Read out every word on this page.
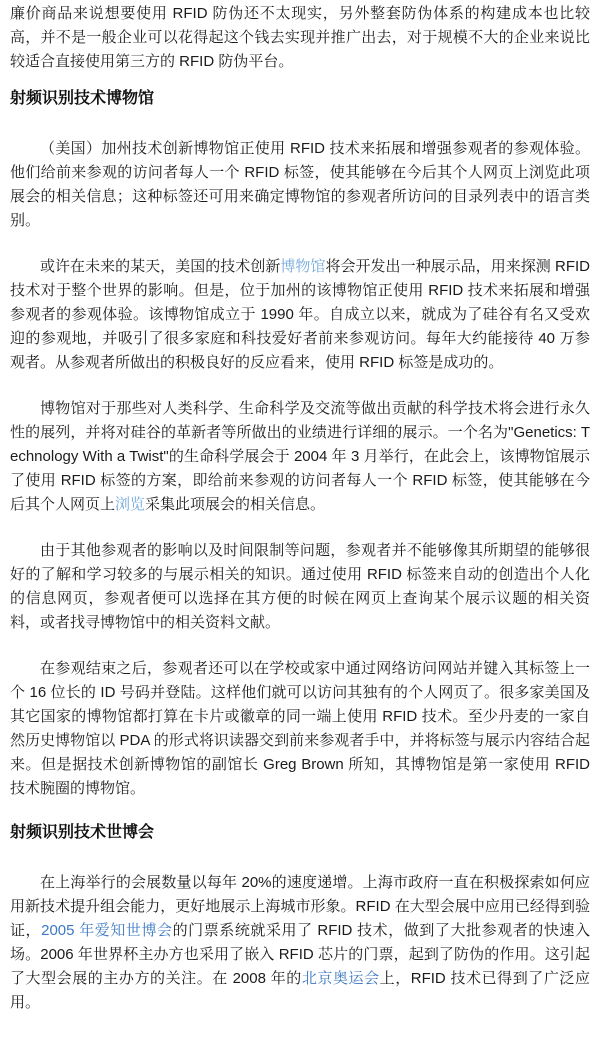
廉价商品来说想要使用 RFID 防伪还不太现实，另外整套防伪体系的构建成本也比较高，并不是一般企业可以花得起这个钱去实现并推广出去，对于规模不大的企业来说比较适合直接使用第三方的 RFID 防伪平台。

射频识别技术博物馆

（美国）加州技术创新博物馆正使用 RFID 技术来拓展和增强参观者的参观体验。他们给前来参观的访问者每人一个 RFID 标签，使其能够在今后其个人网页上浏览此项展会的相关信息；这种标签还可用来确定博物馆的参观者所访问的目录列表中的语言类别。

或许在未来的某天，美国的技术创新博物馆将会开发出一种展示品，用来探测 RFID 技术对于整个世界的影响。但是，位于加州的该博物馆正使用 RFID 技术来拓展和增强参观者的参观体验。该博物馆成立于 1990 年。自成立以来，就成为了硅谷有名又受欢迎的参观地，并吸引了很多家庭和科技爱好者前来参观访问。每年大约能接待 40 万参观者。从参观者所做出的积极良好的反应看来，使用 RFID 标签是成功的。

博物馆对于那些对人类科学、生命科学及交流等做出贡献的科学技术将会进行永久性的展列，并将对硅谷的革新者等所做出的业绩进行详细的展示。一个名为"Genetics: Technology With a Twist"的生命科学展会于 2004 年 3 月举行，在此会上，该博物馆展示了使用 RFID 标签的方案，即给前来参观的访问者每人一个 RFID 标签，使其能够在今后其个人网页上浏览采集此项展会的相关信息。

由于其他参观者的影响以及时间限制等问题，参观者并不能够像其所期望的能够很好的了解和学习较多的与展示相关的知识。通过使用 RFID 标签来自动的创造出个人化的信息网页，参观者便可以选择在其方便的时候在网页上查询某个展示议题的相关资料，或者找寻博物馆中的相关资料文献。

在参观结束之后，参观者还可以在学校或家中通过网络访问网站并键入其标签上一个 16 位长的 ID 号码并登陆。这样他们就可以访问其独有的个人网页了。很多家美国及其它国家的博物馆都打算在卡片或徽章的同一端上使用 RFID 技术。至少丹麦的一家自然历史博物馆以 PDA 的形式将识读器交到前来参观者手中，并将标签与展示内容结合起来。但是据技术创新博物馆的副馆长 Greg Brown 所知，其博物馆是第一家使用 RFID 技术腕圈的博物馆。

射频识别技术世博会

在上海举行的会展数量以每年 20%的速度递增。上海市政府一直在积极探索如何应用新技术提升组会能力，更好地展示上海城市形象。RFID 在大型会展中应用已经得到验证，2005 年爱知世博会的门票系统就采用了 RFID 技术，做到了大批参观者的快速入场。2006 年世界杯主办方也采用了嵌入 RFID 芯片的门票，起到了防伪的作用。这引起了大型会展的主办方的关注。在 2008 年的北京奥运会上，RFID 技术已得到了广泛应用。
